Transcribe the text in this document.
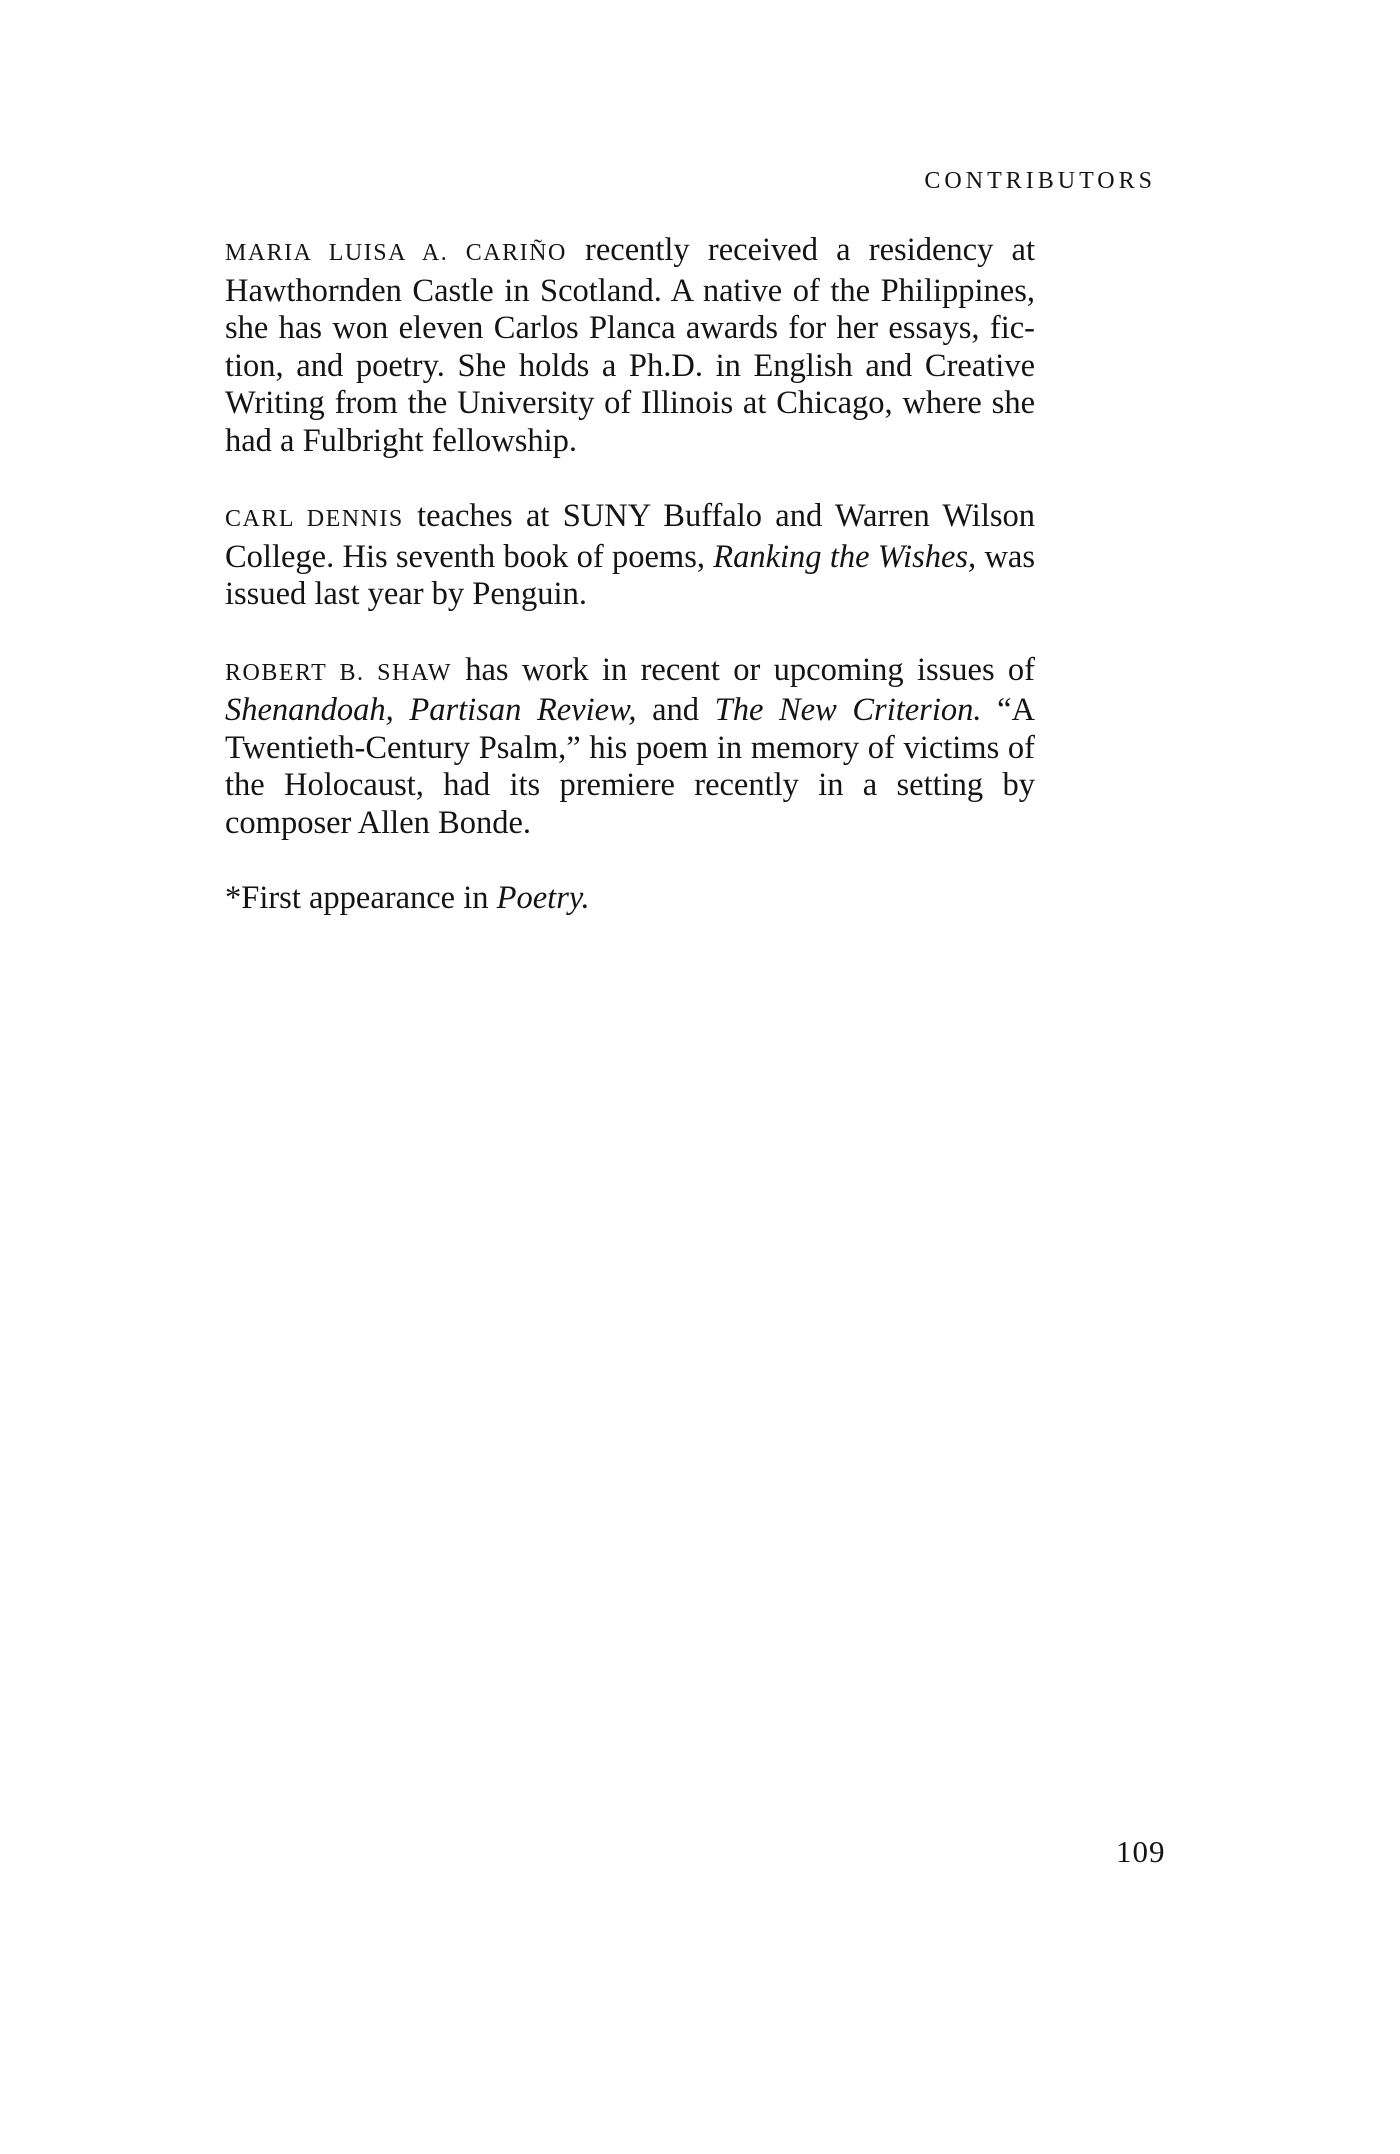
CONTRIBUTORS

MARIA LUISA A. CARIÑO recently received a residency at Hawthornden Castle in Scotland. A native of the Philippines, she has won eleven Carlos Planca awards for her essays, fiction, and poetry. She holds a Ph.D. in English and Creative Writing from the University of Illinois at Chicago, where she had a Fulbright fellowship.

CARL DENNIS teaches at SUNY Buffalo and Warren Wilson College. His seventh book of poems, Ranking the Wishes, was issued last year by Penguin.

ROBERT B. SHAW has work in recent or upcoming issues of Shenandoah, Partisan Review, and The New Criterion. “A Twentieth-Century Psalm,” his poem in memory of victims of the Holocaust, had its premiere recently in a setting by composer Allen Bonde.

*First appearance in Poetry.

109
